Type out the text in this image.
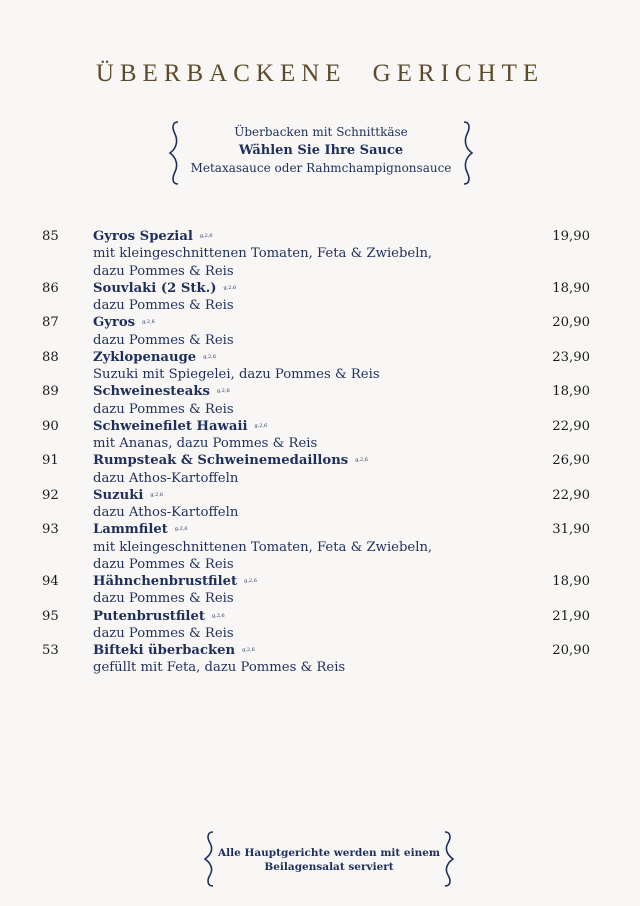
ÜBERBACKENE GERICHTE
Überbacken mit Schnittkäse
Wählen Sie Ihre Sauce
Metaxasauce oder Rahmchampignonsauce
85	Gyros Spezial g,2,6
mit kleingeschnittenen Tomaten, Feta & Zwiebeln,
dazu Pommes & Reis
19,90
86	Souvlaki (2 Stk.) g,2,6
dazu Pommes & Reis
18,90
87	Gyros g,2,6
dazu Pommes & Reis
20,90
88	Zyklopenauge g,2,6
Suzuki mit Spiegelei, dazu Pommes & Reis
23,90
89	Schweinesteaks g,2,6
dazu Pommes & Reis
18,90
90	Schweinefilet Hawaii g,2,6
mit Ananas, dazu Pommes & Reis
22,90
91	Rumpsteak & Schweinemedaillons g,2,6
dazu Athos-Kartoffeln
26,90
92	Suzuki g,2,6
dazu Athos-Kartoffeln
22,90
93	Lammfilet g,2,6
mit kleingeschnittenen Tomaten, Feta & Zwiebeln,
dazu Pommes & Reis
31,90
94	Hähnchenbrustfilet g,2,6
dazu Pommes & Reis
18,90
95	Putenbrustfilet g,2,6
dazu Pommes & Reis
21,90
53	Bifteki überbacken g,2,6
gefüllt mit Feta, dazu Pommes & Reis
20,90
Alle Hauptgerichte werden mit einem
Beilagensalat serviert
